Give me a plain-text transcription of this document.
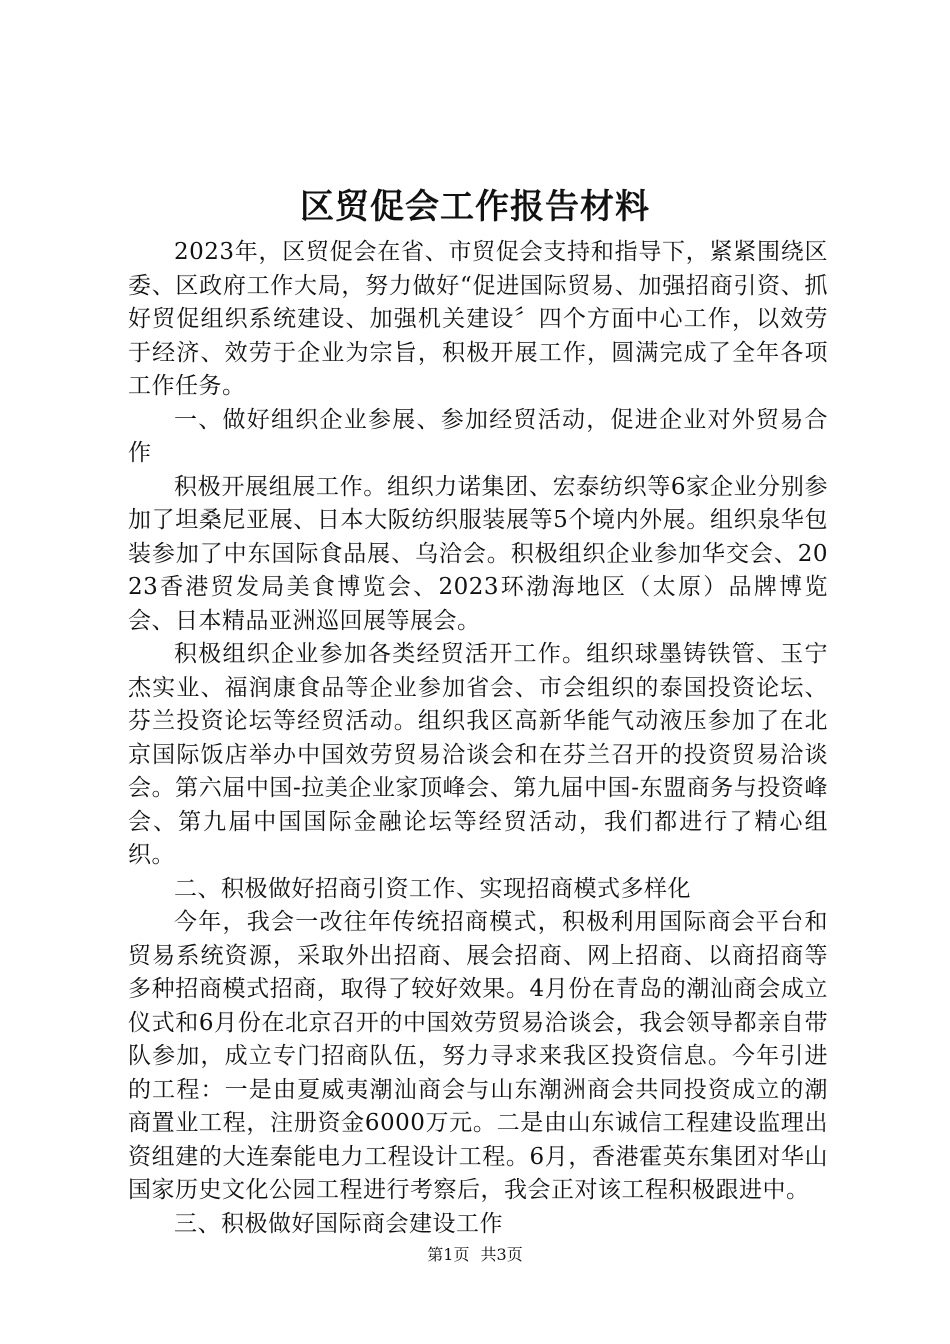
区贸促会工作报告材料

2023年，区贸促会在省、市贸促会支持和指导下，紧紧围绕区委、区政府工作大局，努力做好“促进国际贸易、加强招商引资、抓好贸促组织系统建设、加强机关建设〞四个方面中心工作，以效劳于经济、效劳于企业为宗旨，积极开展工作，圆满完成了全年各项工作任务。

一、做好组织企业参展、参加经贸活动，促进企业对外贸易合作

积极开展组展工作。组织力诺集团、宏泰纺织等6家企业分别参加了坦桑尼亚展、日本大阪纺织服装展等5个境内外展。组织泉华包装参加了中东国际食品展、乌洽会。积极组织企业参加华交会、2023香港贸发局美食博览会、2023环渤海地区（太原）品牌博览会、日本精品亚洲巡回展等展会。

积极组织企业参加各类经贸活开工作。组织球墨铸铁管、玉宁杰实业、福润康食品等企业参加省会、市会组织的泰国投资论坛、芬兰投资论坛等经贸活动。组织我区高新华能气动液压参加了在北京国际饭店举办中国效劳贸易洽谈会和在芬兰召开的投资贸易洽谈会。第六届中国-拉美企业家顶峰会、第九届中国-东盟商务与投资峰会、第九届中国国际金融论坛等经贸活动，我们都进行了精心组织。

二、积极做好招商引资工作、实现招商模式多样化

今年，我会一改往年传统招商模式，积极利用国际商会平台和贸易系统资源，采取外出招商、展会招商、网上招商、以商招商等多种招商模式招商，取得了较好效果。4月份在青岛的潮汕商会成立仪式和6月份在北京召开的中国效劳贸易洽谈会，我会领导都亲自带队参加，成立专门招商队伍，努力寻求来我区投资信息。今年引进的工程：一是由夏威夷潮汕商会与山东潮洲商会共同投资成立的潮商置业工程，注册资金6000万元。二是由山东诚信工程建设监理出资组建的大连秦能电力工程设计工程。6月，香港霍英东集团对华山国家历史文化公园工程进行考察后，我会正对该工程积极跟进中。

三、积极做好国际商会建设工作

第1页 共3页
